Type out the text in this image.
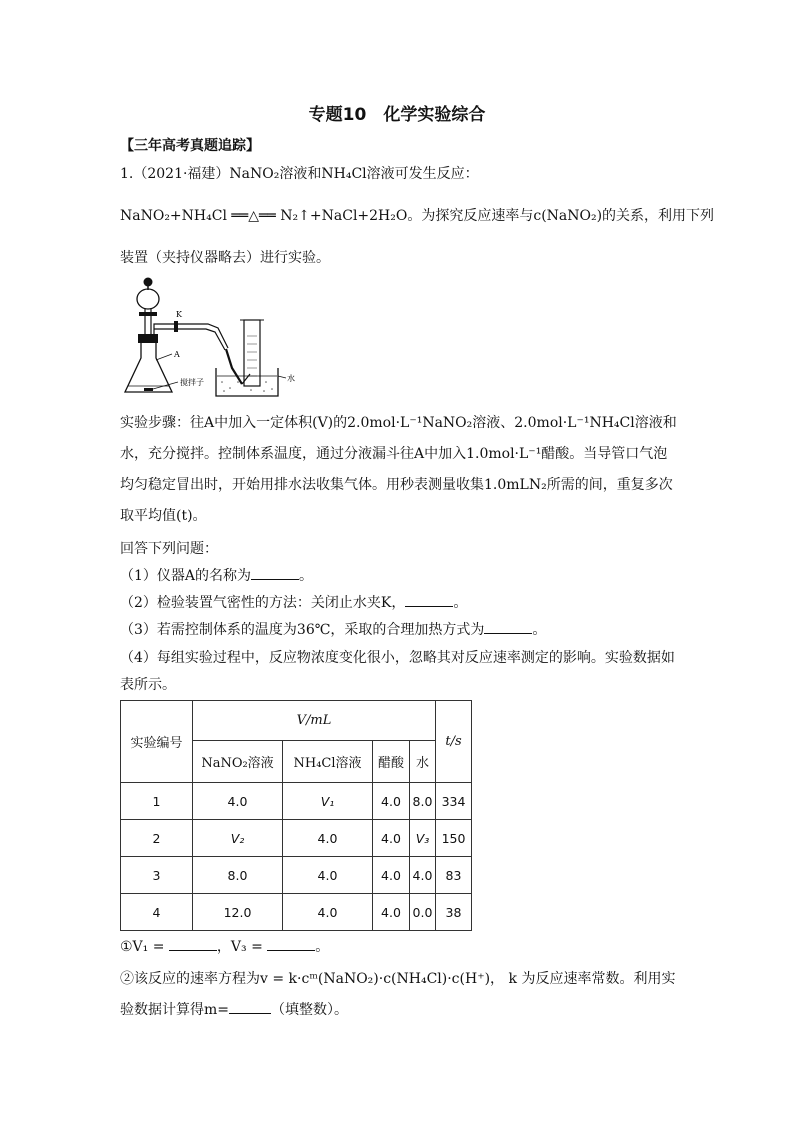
专题10　化学实验综合
【三年高考真题追踪】
1.（2021·福建）NaNO₂溶液和NH₄Cl溶液可发生反应：
NaNO₂+NH₄Cl ══△══ N₂↑+NaCl+2H₂O。为探究反应速率与c(NaNO₂)的关系，利用下列
装置（夹持仪器略去）进行实验。
K
A
搅拌子	水
实验步骤：往A中加入一定体积(V)的2.0mol·L⁻¹NaNO₂溶液、2.0mol·L⁻¹NH₄Cl溶液和
水，充分搅拌。控制体系温度，通过分液漏斗往A中加入1.0mol·L⁻¹醋酸。当导管口气泡
均匀稳定冒出时，开始用排水法收集气体。用秒表测量收集1.0mLN₂所需的间，重复多次
取平均值(t)。
回答下列问题：
（1）仪器A的名称为	。
（2）检验装置气密性的方法：关闭止水夹K，	。
（3）若需控制体系的温度为36℃，采取的合理加热方式为	。
（4）每组实验过程中，反应物浓度变化很小，忽略其对反应速率测定的影响。实验数据如
表所示。
实验编号	V/mL				t/s
	NaNO₂溶液	NH₄Cl溶液	醋酸	水	
1	4.0	V₁	4.0	8.0	334
2	V₂	4.0	4.0	V₃	150
3	8.0	4.0	4.0	4.0	83
4	12.0	4.0	4.0	0.0	38
①V₁ =	，V₃ =	。
②该反应的速率方程为v = k·cᵐ(NaNO₂)·c(NH₄Cl)·c(H⁺)， k 为反应速率常数。利用实
验数据计算得m=	（填整数）。
